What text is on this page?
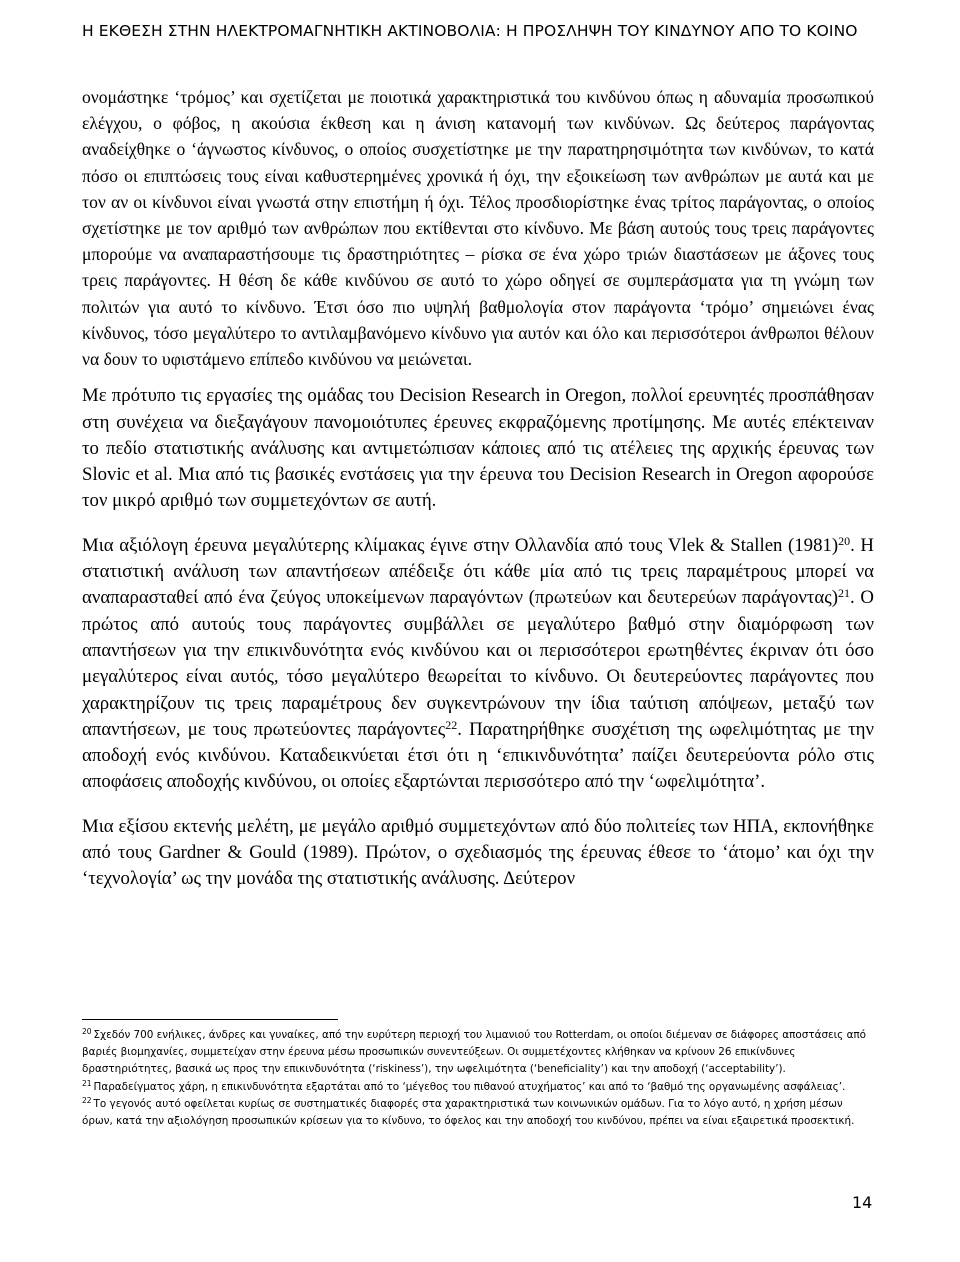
Η ΕΚΘΕΣΗ ΣΤΗΝ ΗΛΕΚΤΡΟΜΑΓΝΗΤΙΚΗ ΑΚΤΙΝΟΒΟΛΙΑ: Η ΠΡΟΣΛΗΨΗ ΤΟΥ ΚΙΝΔΥΝΟΥ ΑΠΟ ΤΟ ΚΟΙΝΟ

ονομάστηκε ‘τρόμος’ και σχετίζεται με ποιοτικά χαρακτηριστικά του κινδύνου όπως η αδυναμία προσωπικού ελέγχου, ο φόβος, η ακούσια έκθεση και η άνιση κατανομή των κινδύνων. Ως δεύτερος παράγοντας αναδείχθηκε ο ‘άγνωστος κίνδυνος, ο οποίος συσχετίστηκε με την παρατηρησιμότητα των κινδύνων, το κατά πόσο οι επιπτώσεις τους είναι καθυστερημένες χρονικά ή όχι, την εξοικείωση των ανθρώπων με αυτά και με τον αν οι κίνδυνοι είναι γνωστά στην επιστήμη ή όχι. Τέλος προσδιορίστηκε ένας τρίτος παράγοντας, ο οποίος σχετίστηκε με τον αριθμό των ανθρώπων που εκτίθενται στο κίνδυνο. Με βάση αυτούς τους τρεις παράγοντες μπορούμε να αναπαραστήσουμε τις δραστηριότητες – ρίσκα σε ένα χώρο τριών διαστάσεων με άξονες τους τρεις παράγοντες. Η θέση δε κάθε κινδύνου σε αυτό το χώρο οδηγεί σε συμπεράσματα για τη γνώμη των πολιτών για αυτό το κίνδυνο. Έτσι όσο πιο υψηλή βαθμολογία στον παράγοντα ‘τρόμο’ σημειώνει ένας κίνδυνος, τόσο μεγαλύτερο το αντιλαμβανόμενο κίνδυνο για αυτόν και όλο και περισσότεροι άνθρωποι θέλουν να δουν το υφιστάμενο επίπεδο κινδύνου να μειώνεται.

Με πρότυπο τις εργασίες της ομάδας του Decision Research in Oregon, πολλοί ερευνητές προσπάθησαν στη συνέχεια να διεξαγάγουν πανομοιότυπες έρευνες εκφραζόμενης προτίμησης. Με αυτές επέκτειναν το πεδίο στατιστικής ανάλυσης και αντιμετώπισαν κάποιες από τις ατέλειες της αρχικής έρευνας των Slovic et al. Μια από τις βασικές ενστάσεις για την έρευνα του Decision Research in Oregon αφορούσε τον μικρό αριθμό των συμμετεχόντων σε αυτή.

Μια αξιόλογη έρευνα μεγαλύτερης κλίμακας έγινε στην Ολλανδία από τους Vlek & Stallen (1981)$^{20}$. Η στατιστική ανάλυση των απαντήσεων απέδειξε ότι κάθε μία από τις τρεις παραμέτρους μπορεί να αναπαρασταθεί από ένα ζεύγος υποκείμενων παραγόντων (πρωτεύων και δευτερεύων παράγοντας)$^{21}$. Ο πρώτος από αυτούς τους παράγοντες συμβάλλει σε μεγαλύτερο βαθμό στην διαμόρφωση των απαντήσεων για την επικινδυνότητα ενός κινδύνου και οι περισσότεροι ερωτηθέντες έκριναν ότι όσο μεγαλύτερος είναι αυτός, τόσο μεγαλύτερο θεωρείται το κίνδυνο. Οι δευτερεύοντες παράγοντες που χαρακτηρίζουν τις τρεις παραμέτρους δεν συγκεντρώνουν την ίδια ταύτιση απόψεων, μεταξύ των απαντήσεων, με τους πρωτεύοντες παράγοντες$^{22}$. Παρατηρήθηκε συσχέτιση της ωφελιμότητας με την αποδοχή ενός κινδύνου. Καταδεικνύεται έτσι ότι η ‘επικινδυνότητα’ παίζει δευτερεύοντα ρόλο στις αποφάσεις αποδοχής κινδύνου, οι οποίες εξαρτώνται περισσότερο από την ‘ωφελιμότητα’.

Μια εξίσου εκτενής μελέτη, με μεγάλο αριθμό συμμετεχόντων από δύο πολιτείες των ΗΠΑ, εκπονήθηκε από τους Gardner & Gould (1989). Πρώτον, ο σχεδιασμός της έρευνας έθεσε το ‘άτομο’ και όχι την ‘τεχνολογία’ ως την μονάδα της στατιστικής ανάλυσης. Δεύτερον

$^{20}$ Σχεδόν 700 ενήλικες, άνδρες και γυναίκες, από την ευρύτερη περιοχή του λιμανιού του Rotterdam, οι οποίοι διέμεναν σε διάφορες αποστάσεις από βαριές βιομηχανίες, συμμετείχαν στην έρευνα μέσω προσωπικών συνεντεύξεων. Οι συμμετέχοντες κλήθηκαν να κρίνουν 26 επικίνδυνες δραστηριότητες, βασικά ως προς την επικινδυνότητα (‘riskiness’), την ωφελιμότητα (‘beneficiality’) και την αποδοχή (‘acceptability’).

$^{21}$ Παραδείγματος χάρη, η επικινδυνότητα εξαρτάται από το ‘μέγεθος του πιθανού ατυχήματος’ και από το ‘βαθμό της οργανωμένης ασφάλειας’.

$^{22}$ Το γεγονός αυτό οφείλεται κυρίως σε συστηματικές διαφορές στα χαρακτηριστικά των κοινωνικών ομάδων. Για το λόγο αυτό, η χρήση μέσων όρων, κατά την αξιολόγηση προσωπικών κρίσεων για το κίνδυνο, το όφελος και την αποδοχή του κινδύνου, πρέπει να είναι εξαιρετικά προσεκτική.

14
